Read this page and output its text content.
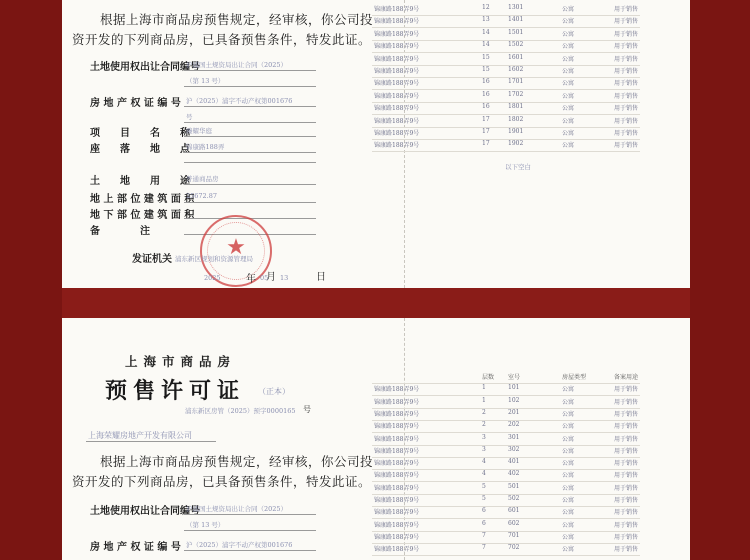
根据上海市商品房预售规定，经审核，你公司投
资开发的下列商品房，已具备预售条件，特发此证。
土地使用权出让合同编号
沪浦国土规资局出让合同（2025）
（第 13 号）
房 地 产 权 证 编 号 沪（2025）浦字不动产权第001676
号
项　　目　　名　　称
臻耀华庭
座　　落　　地　　点
锦康路188弄
土　　地　　用　　途
普通商品房
地 上 部 位 建 筑 面 积
25672.87
地 下 部 位 建 筑 面 积
备　　　　注
★
发证机关 浦东新区规划和资源管理局
2025	年 05
月 13	日
锦康路188弄9号	12	1301	公寓	用于销售
锦康路188弄9号	13	1401	公寓	用于销售
锦康路188弄9号	14	1501	公寓	用于销售
锦康路188弄9号	14	1502	公寓	用于销售
锦康路188弄9号	15	1601	公寓	用于销售
锦康路188弄9号	15	1602	公寓	用于销售
锦康路188弄9号	16	1701	公寓	用于销售
锦康路188弄9号	16	1702	公寓	用于销售
锦康路188弄9号	16	1801	公寓	用于销售
锦康路188弄9号	17	1802	公寓	用于销售
锦康路188弄9号	17	1901	公寓	用于销售
锦康路188弄9号	17	1902	公寓	用于销售
以下空白
上海市商品房
预售许可证 （正本）
浦东新区房管（2025）预字0000165 号
上海荣耀房地产开发有限公司
根据上海市商品房预售规定，经审核，你公司投
资开发的下列商品房，已具备预售条件，特发此证。
土地使用权出让合同编号
沪浦国土规资局出让合同（2025）
（第 13 号）
房 地 产 权 证 编 号 沪（2025）浦字不动产权第001676
层数 室号	房屋类型	备案用途
锦康路188弄9号	1	101	公寓	用于销售
锦康路188弄9号	1	102	公寓	用于销售
锦康路188弄9号	2	201	公寓	用于销售
锦康路188弄9号	2	202	公寓	用于销售
锦康路188弄9号	3	301	公寓	用于销售
锦康路188弄9号	3	302	公寓	用于销售
锦康路188弄9号	4	401	公寓	用于销售
锦康路188弄9号	4	402	公寓	用于销售
锦康路188弄9号	5	501	公寓	用于销售
锦康路188弄9号	5	502	公寓	用于销售
锦康路188弄9号	6	601	公寓	用于销售
锦康路188弄9号	6	602	公寓	用于销售
锦康路188弄9号	7	701	公寓	用于销售
锦康路188弄9号	7	702	公寓	用于销售
